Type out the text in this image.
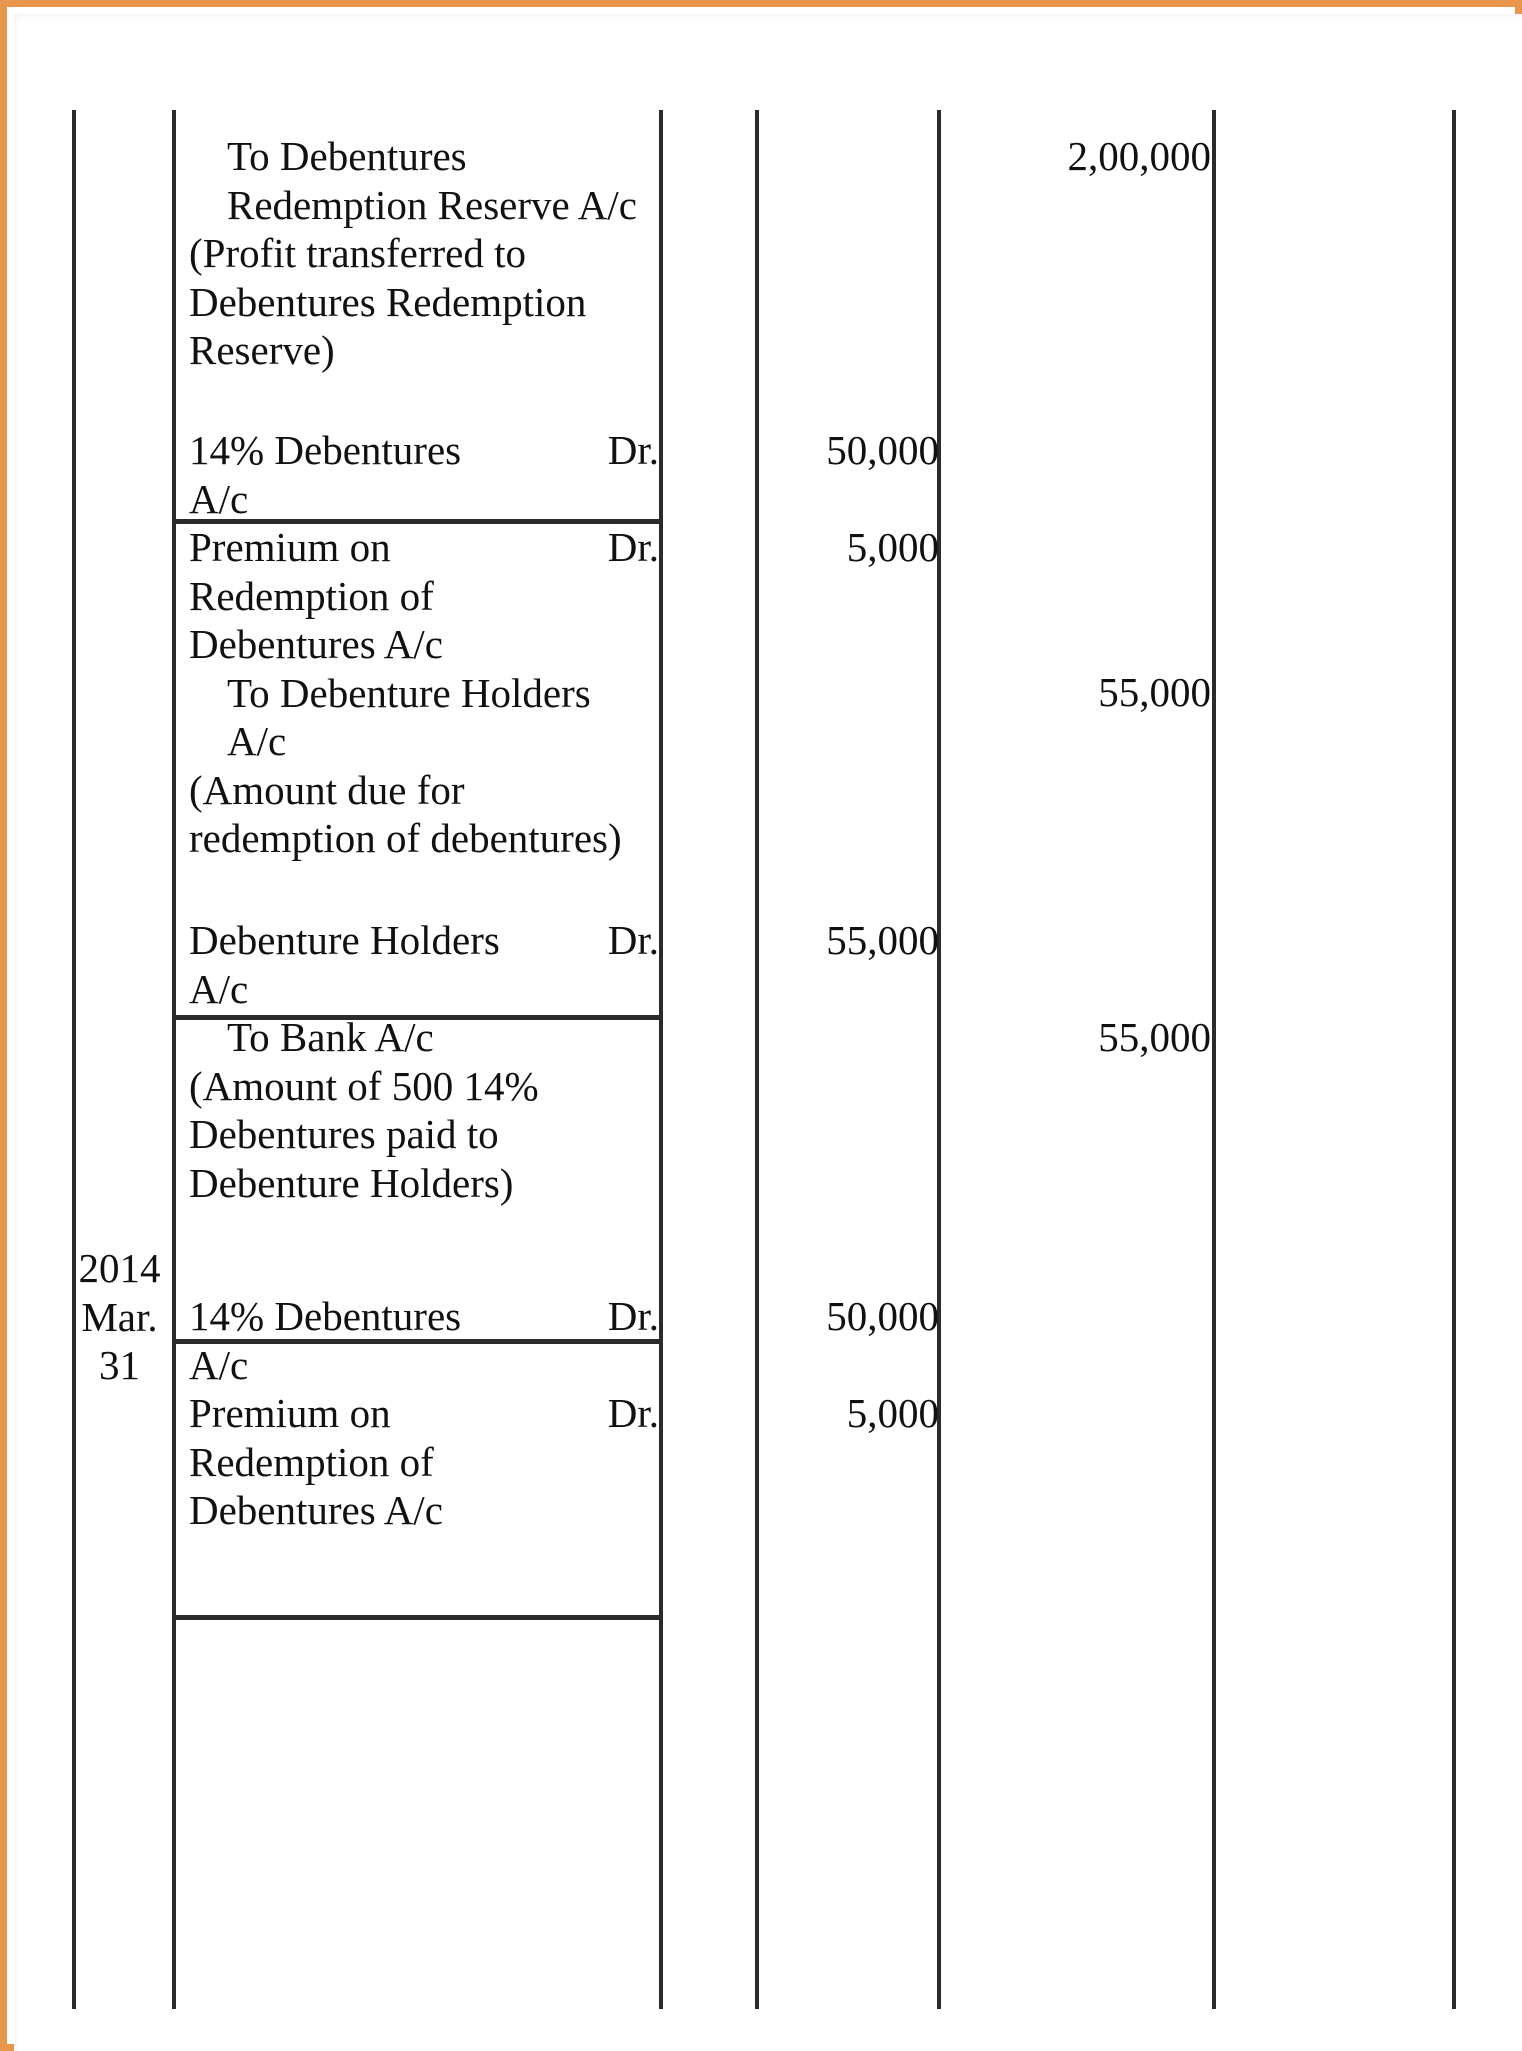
To Debentures
Redemption Reserve A/c
(Profit transferred to
Debentures Redemption
Reserve)
2,00,000
14% Debentures
A/c
Premium on
Redemption of
Debentures A/c
To Debenture Holders
A/c
(Amount due for
redemption of debentures)
Dr.
Dr.
50,000
5,000
55,000
Debenture Holders
A/c
To Bank A/c
(Amount of 500 14%
Debentures paid to
Debenture Holders)
Dr.	55,000
55,000
2014
Mar.
31
14% Debentures
A/c
Premium on
Redemption of
Debentures A/c
Dr.
Dr.
50,000
5,000
